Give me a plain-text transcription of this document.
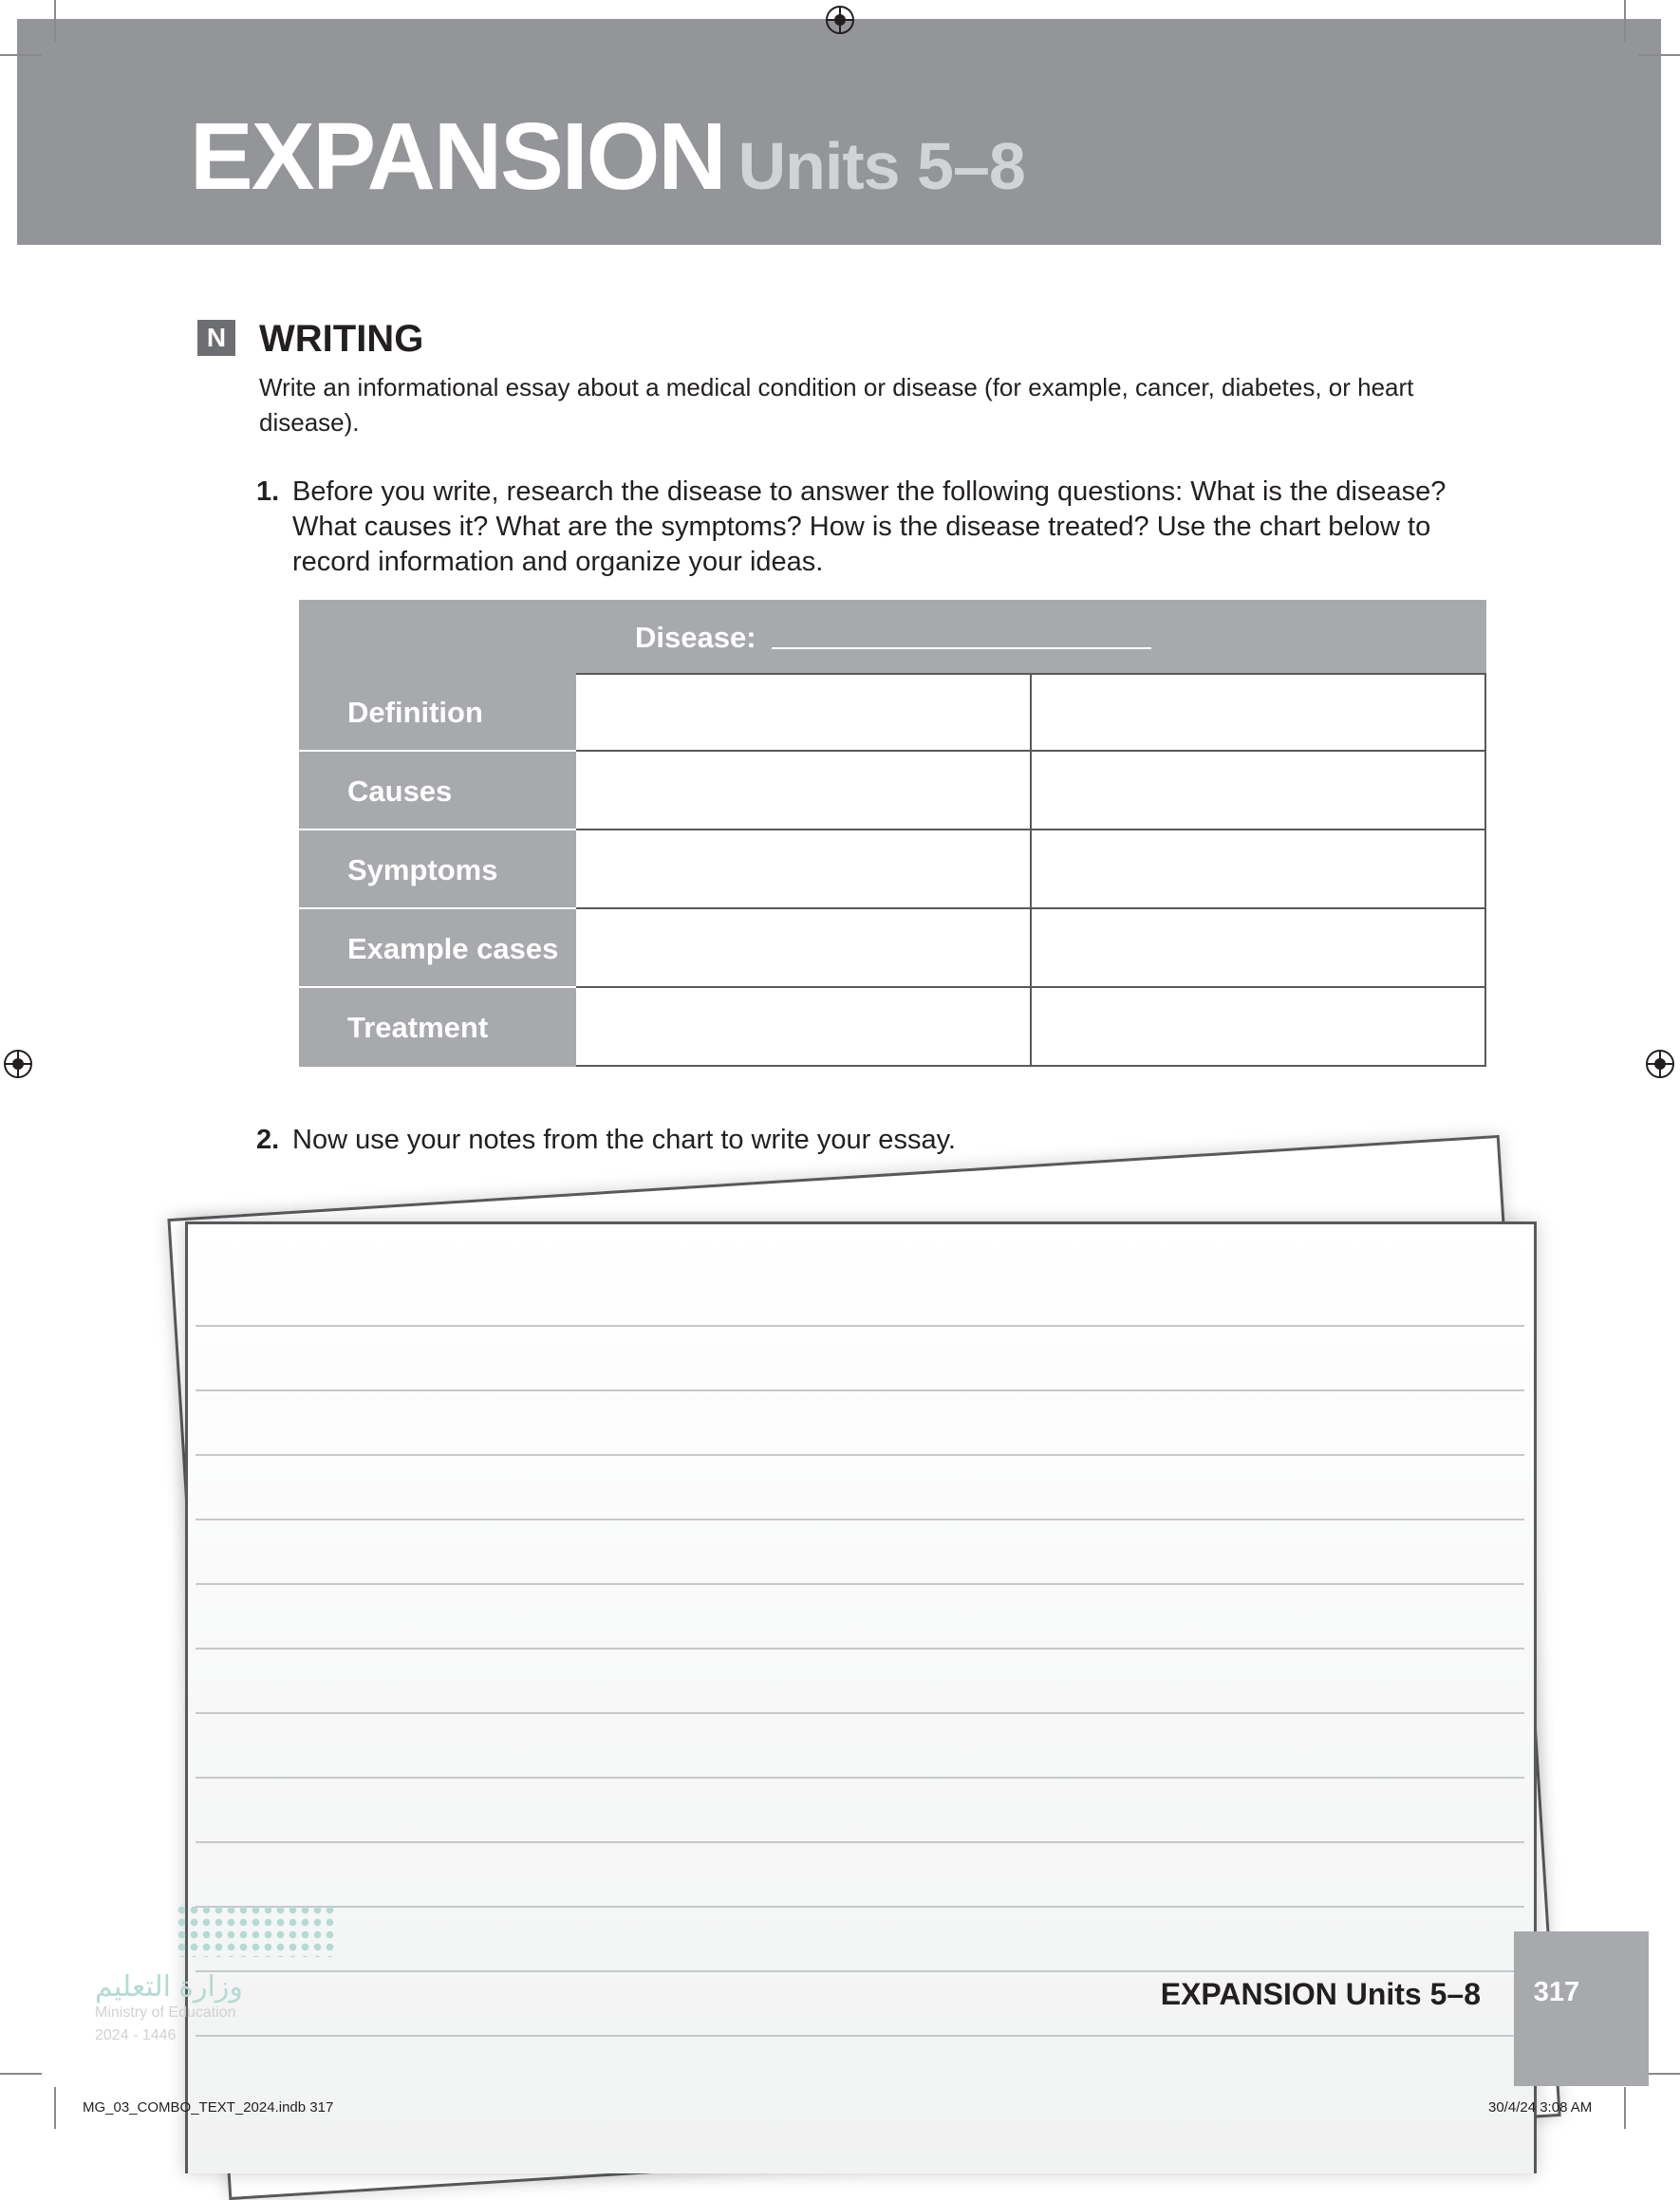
EXPANSION Units 5–8
N WRITING
Write an informational essay about a medical condition or disease (for example, cancer, diabetes, or heart disease).
1. Before you write, research the disease to answer the following questions: What is the disease? What causes it? What are the symptoms? How is the disease treated? Use the chart below to record information and organize your ideas.
Disease:
Definition
Causes
Symptoms
Example cases
Treatment
2. Now use your notes from the chart to write your essay.
وزارة التعليم
Ministry of Education
2024 - 1446
EXPANSION Units 5–8	317
MG_03_COMBO_TEXT_2024.indb 317	30/4/24 3:08 AM
